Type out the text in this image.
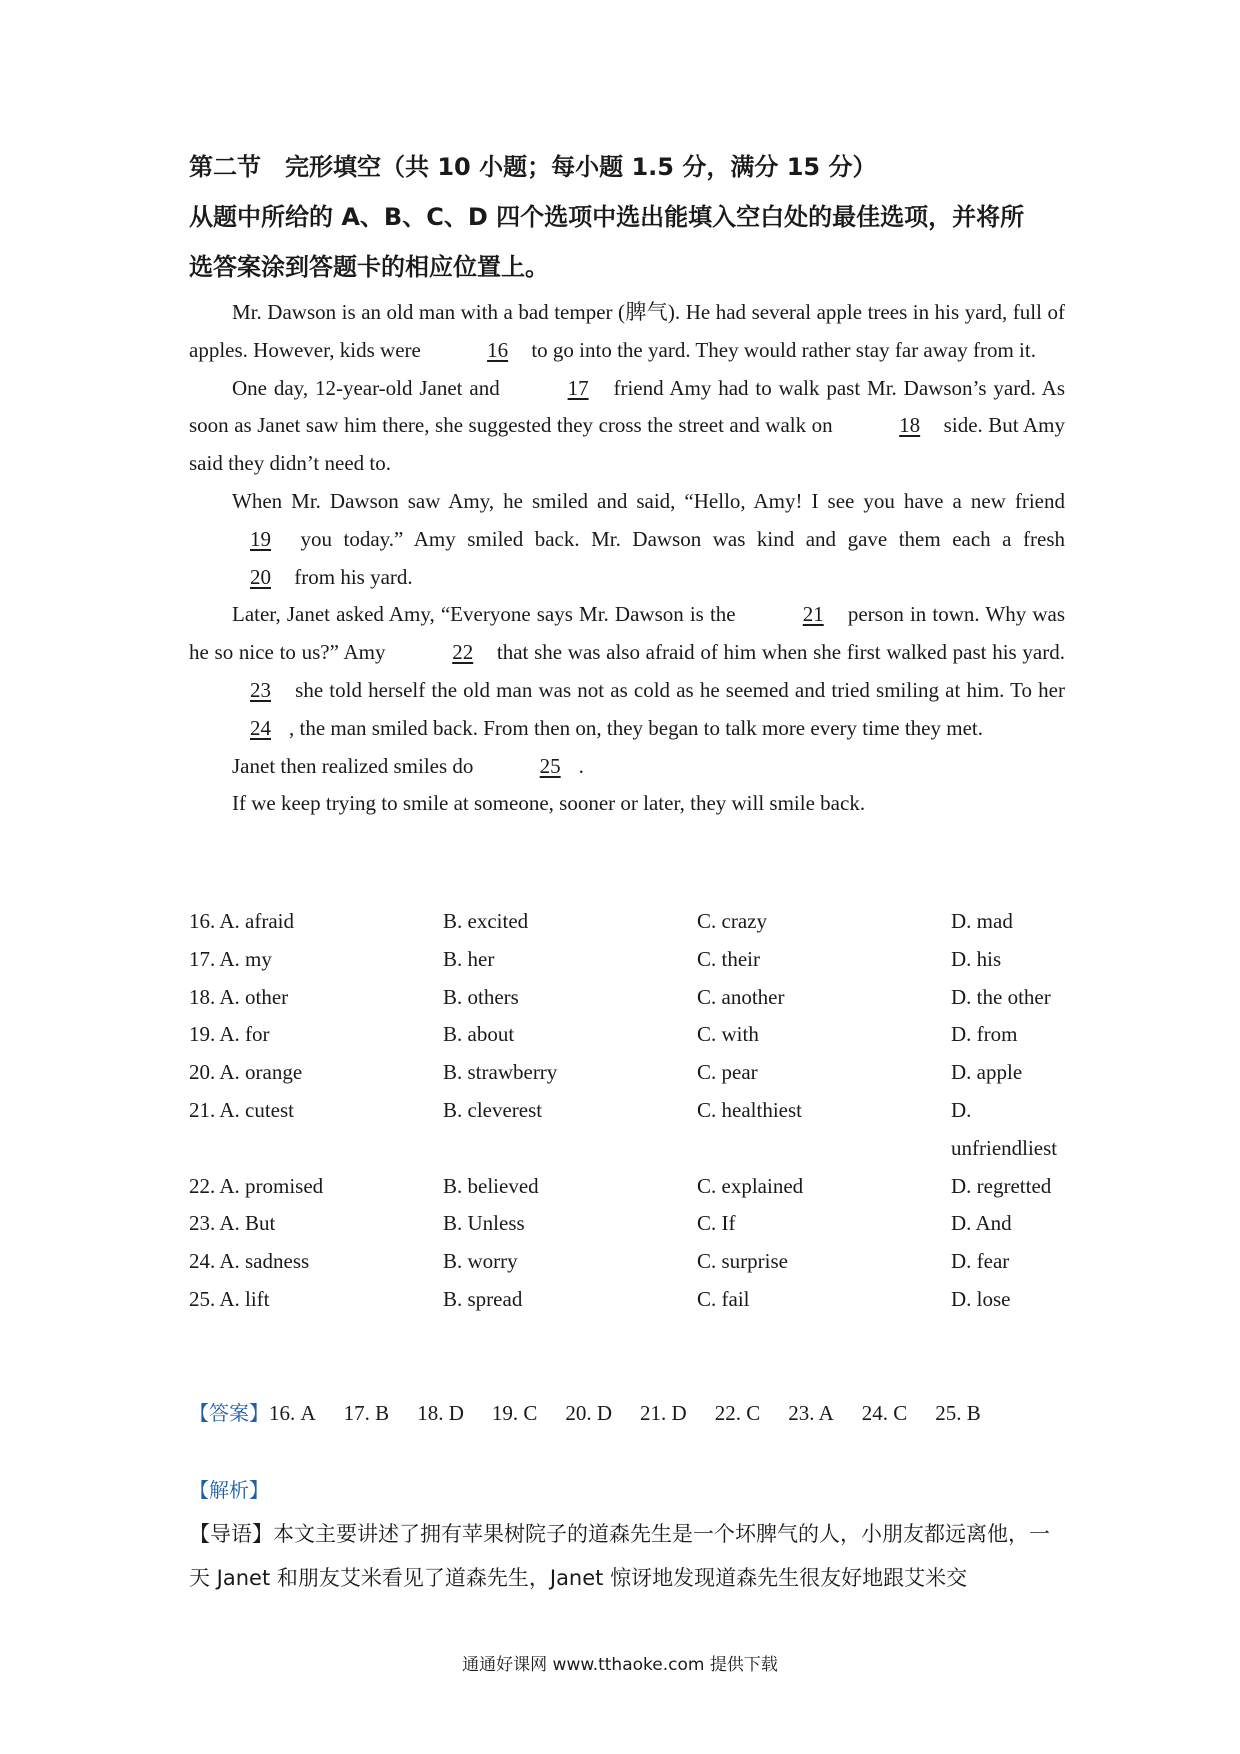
第二节　完形填空（共 10 小题；每小题 1.5 分，满分 15 分）
从题中所给的 A、B、C、D 四个选项中选出能填入空白处的最佳选项，并将所
选答案涂到答题卡的相应位置上。

Mr. Dawson is an old man with a bad temper (脾气). He had several apple trees in his yard, full of apples. However, kids were	16 to go into the yard. They would rather stay far away from it.

One day, 12-year-old Janet and	17 friend Amy had to walk past Mr. Dawson’s yard. As soon as Janet saw him there, she suggested they cross the street and walk on	18 side. But Amy said they didn’t need to.

When Mr. Dawson saw Amy, he smiled and said, “Hello, Amy! I see you have a new friend 19 you today.” Amy smiled back. Mr. Dawson was kind and gave them each a fresh 20 from his yard.

Later, Janet asked Amy, “Everyone says Mr. Dawson is the	21 person in town. Why was he so nice to us?” Amy	22 that she was also afraid of him when she first walked past his yard. 23 she told herself the old man was not as cold as he seemed and tried smiling at him. To her 24 , the man smiled back. From then on, they began to talk more every time they met.

Janet then realized smiles do	25 .

If we keep trying to smile at someone, sooner or later, they will smile back.

16. A. afraid	B. excited	C. crazy	D. mad
17. A. my	B. her	C. their	D. his
18. A. other	B. others	C. another	D. the other
19. A. for	B. about	C. with	D. from
20. A. orange	B. strawberry	C. pear	D. apple
21. A. cutest	B. cleverest	C. healthiest	D. unfriendliest
22. A. promised	B. believed	C. explained	D. regretted
23. A. But	B. Unless	C. If	D. And
24. A. sadness	B. worry	C. surprise	D. fear
25. A. lift	B. spread	C. fail	D. lose
【答案】16. A 17. B 18. D 19. C 20. D 21. D 22. C 23. A 24. C 25. B
【解析】
【导语】本文主要讲述了拥有苹果树院子的道森先生是一个坏脾气的人，小朋友都远离他，一天 Janet 和朋友艾米看见了道森先生，Janet 惊讶地发现道森先生很友好地跟艾米交
通通好课网 www.tthaoke.com 提供下载
